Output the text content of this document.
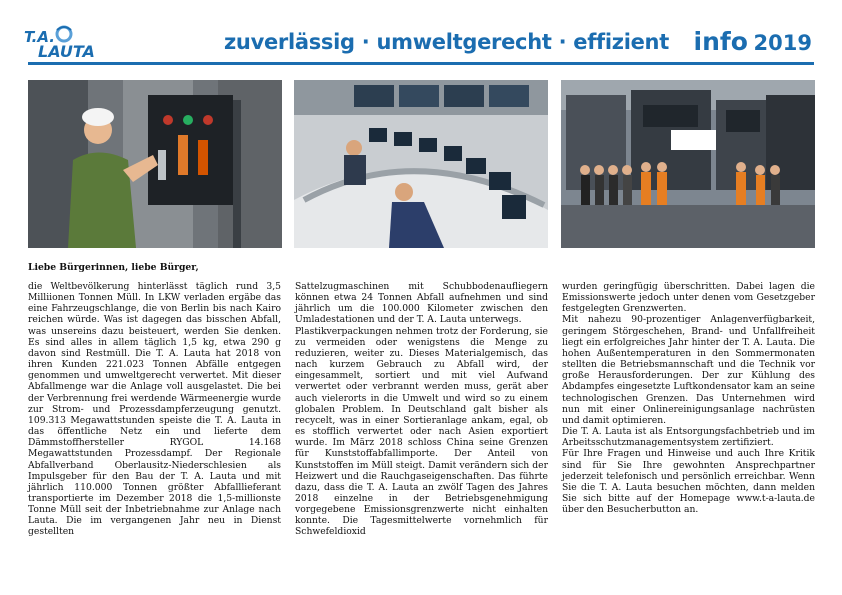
T.A.
LAUTA	zuverlässig · umweltgerecht · effizient info 2019
Liebe Bürgerinnen, liebe Bürger,

die Weltbevölkerung hinterlässt täglich rund 3,5 Milliionen Tonnen Müll. In LKW verladen ergäbe das eine Fahrzeugschlange, die von Berlin bis nach Kairo reichen würde. Was ist dagegen das bisschen Abfall, was unsereins dazu beisteuert, werden Sie denken. Es sind alles in allem täglich 1,5 kg, etwa 290 g davon sind Restmüll. Die T. A. Lauta hat 2018 von ihren Kunden 221.023 Tonnen Abfälle entgegen genommen und umweltgerecht verwertet. Mit dieser Abfallmenge war die Anlage voll ausgelastet. Die bei der Verbrennung frei werdende Wärmeenergie wurde zur Strom- und Prozessdampferzeugung genutzt. 109.313 Megawattstunden speiste die T. A. Lauta in das öffentliche Netz ein und lieferte dem Dämmstoffhersteller RYGOL 14.168 Megawattstunden Prozessdampf. Der Regionale Abfallverband Oberlausitz-Niederschlesien als Impulsgeber für den Bau der T. A. Lauta und mit jährlich 110.000 Tonnen größter Abfalllieferant transportierte im Dezember 2018 die 1,5-millionste Tonne Müll seit der Inbetriebnahme zur Anlage nach Lauta. Die im vergangenen Jahr neu in Dienst gestellten

Sattelzugmaschinen mit Schubbodenaufliegern können etwa 24 Tonnen Abfall aufnehmen und sind jährlich um die 100.000 Kilometer zwischen den Umladestationen und der T. A. Lauta unterwegs.

Plastikverpackungen nehmen trotz der Forderung, sie zu vermeiden oder wenigstens die Menge zu reduzieren, weiter zu. Dieses Materialgemisch, das nach kurzem Gebrauch zu Abfall wird, der eingesammelt, sortiert und mit viel Aufwand verwertet oder verbrannt werden muss, gerät aber auch vielerorts in die Umwelt und wird so zu einem globalen Problem. In Deutschland galt bisher als recycelt, was in einer Sortieranlage ankam, egal, ob es stofflich verwertet oder nach Asien exportiert wurde. Im März 2018 schloss China seine Grenzen für Kunststoffabfallimporte. Der Anteil von Kunststoffen im Müll steigt. Damit verändern sich der Heizwert und die Rauchgaseigenschaften. Das führte dazu, dass die T. A. Lauta an zwölf Tagen des Jahres 2018 einzelne in der Betriebsgenehmigung vorgegebene Emissionsgrenzwerte nicht einhalten konnte. Die Tagesmittelwerte vornehmlich für Schwefeldioxid

wurden geringfügig überschritten. Dabei lagen die Emissionswerte jedoch unter denen vom Gesetzgeber festgelegten Grenzwerten.

Mit nahezu 90-prozentiger Anlagenverfügbarkeit, geringem Störgeschehen, Brand- und Unfallfreiheit liegt ein erfolgreiches Jahr hinter der T. A. Lauta. Die hohen Außentemperaturen in den Sommermonaten stellten die Betriebsmannschaft und die Technik vor große Herausforderungen. Der zur Kühlung des Abdampfes eingesetzte Luftkondensator kam an seine technologischen Grenzen. Das Unternehmen wird nun mit einer Onlinereinigungsanlage nachrüsten und damit optimieren.

Die T. A. Lauta ist als Entsorgungsfachbetrieb und im Arbeitsschutzmanagementsystem zertifiziert.

Für Ihre Fragen und Hinweise und auch Ihre Kritik sind für Sie Ihre gewohnten Ansprechpartner jederzeit telefonisch und persönlich erreichbar. Wenn Sie die T. A. Lauta besuchen möchten, dann melden Sie sich bitte auf der Homepage www.t-a-lauta.de über den Besucherbutton an.
